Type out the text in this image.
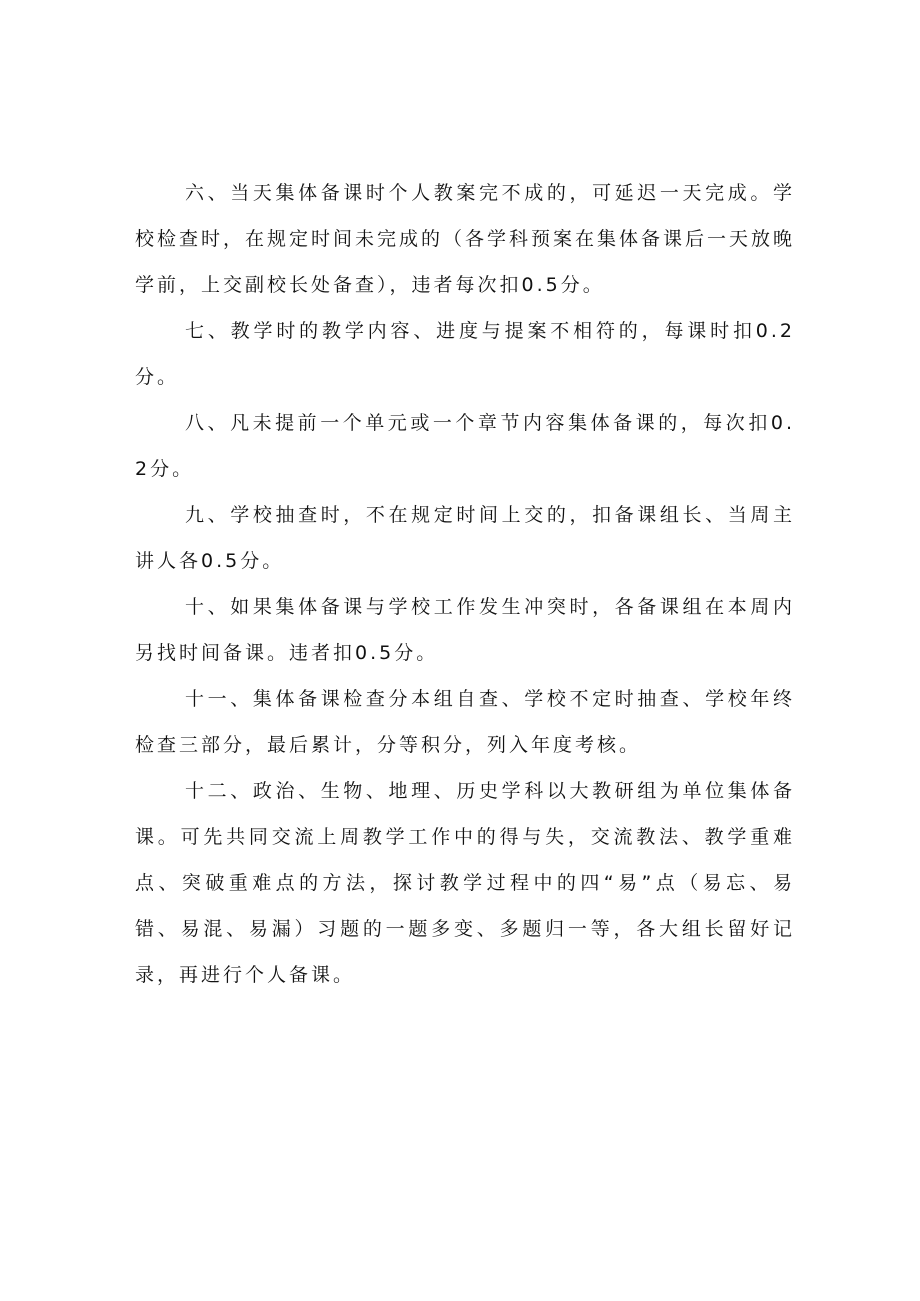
六、当天集体备课时个人教案完不成的，可延迟一天完成。学校检查时，在规定时间未完成的（各学科预案在集体备课后一天放晚学前，上交副校长处备查），违者每次扣0.5分。

七、教学时的教学内容、进度与提案不相符的，每课时扣0.2分。

八、凡未提前一个单元或一个章节内容集体备课的，每次扣0.2分。

九、学校抽查时，不在规定时间上交的，扣备课组长、当周主讲人各0.5分。

十、如果集体备课与学校工作发生冲突时，各备课组在本周内另找时间备课。违者扣0.5分。

十一、集体备课检查分本组自查、学校不定时抽查、学校年终检查三部分，最后累计，分等积分，列入年度考核。

十二、政治、生物、地理、历史学科以大教研组为单位集体备课。可先共同交流上周教学工作中的得与失，交流教法、教学重难点、突破重难点的方法，探讨教学过程中的四“易”点（易忘、易错、易混、易漏）习题的一题多变、多题归一等，各大组长留好记录，再进行个人备课。
